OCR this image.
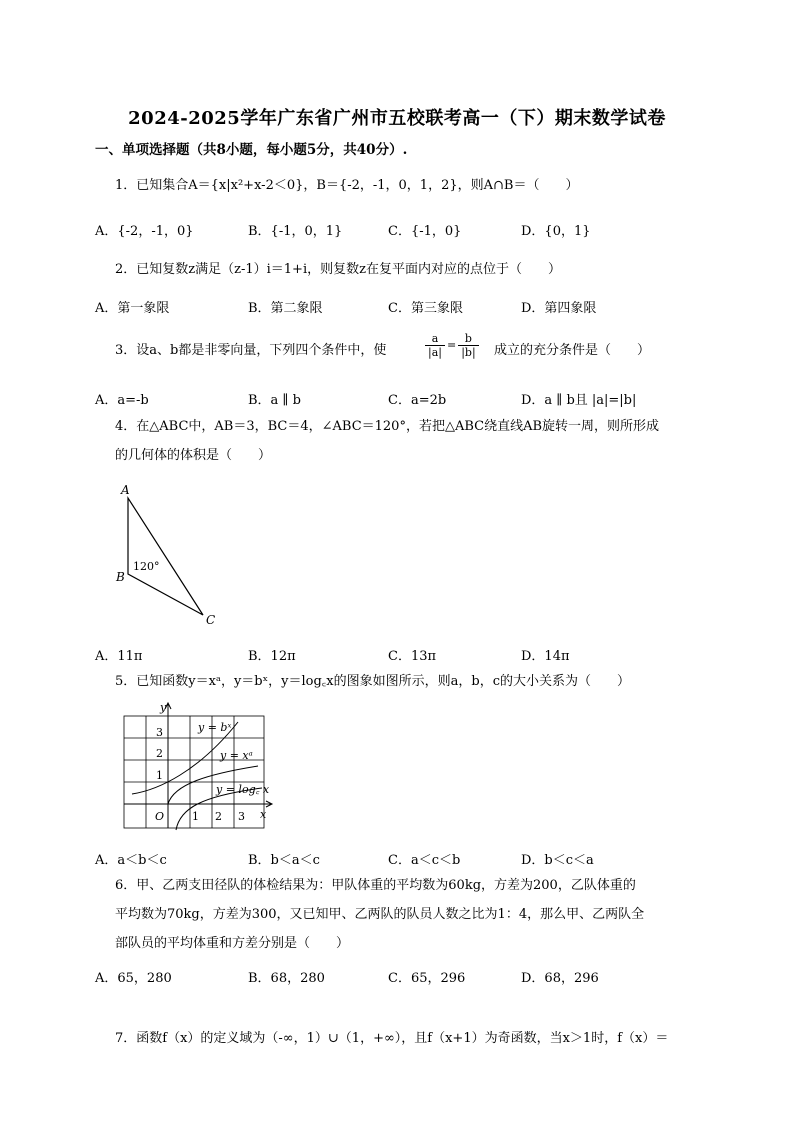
2024-2025学年广东省广州市五校联考高一（下）期末数学试卷
一、单项选择题（共8小题，每小题5分，共40分）.
1．已知集合A＝{x|x²+x-2＜0}，B＝{-2，-1，0，1，2}，则A∩B＝（　　）
A．{-2，-1，0}	B．{-1，0，1}	C．{-1，0}	D．{0，1}
2．已知复数z满足（z-1）i＝1+i，则复数z在复平面内对应的点位于（　　）
A．第一象限	B．第二象限	C．第三象限	D．第四象限
3．设a、b都是非零向量，下列四个条件中，使	$\frac{a}{|a|} = \frac{b}{|b|}$ 成立的充分条件是（　　）
A．a=-b	B．a ∥ b	C．a=2b	D．a ∥ b且 |a|=|b|
4．在△ABC中，AB＝3，BC＝4，∠ABC＝120°，若把△ABC绕直线AB旋转一周，则所形成
的几何体的体积是（　　）
A
B
C
120°
A．11π	B．12π	C．13π	D．14π
5．已知函数y＝xᵃ，y＝bˣ，y＝log꜀x的图象如图所示，则a，b，c的大小关系为（　　）
y
x
O	1 2 3
1
2
3	y = bˣ
y = xᵃ
y = log꜀ x
A．a＜b＜c	B．b＜a＜c	C．a＜c＜b	D．b＜c＜a
6．甲、乙两支田径队的体检结果为：甲队体重的平均数为60kg，方差为200，乙队体重的
平均数为70kg，方差为300，又已知甲、乙两队的队员人数之比为1：4，那么甲、乙两队全
部队员的平均体重和方差分别是（　　）
A．65，280	B．68，280	C．65，296	D．68，296
7．函数f（x）的定义域为（-∞，1）∪（1，+∞），且f（x+1）为奇函数，当x＞1时，f（x）＝
